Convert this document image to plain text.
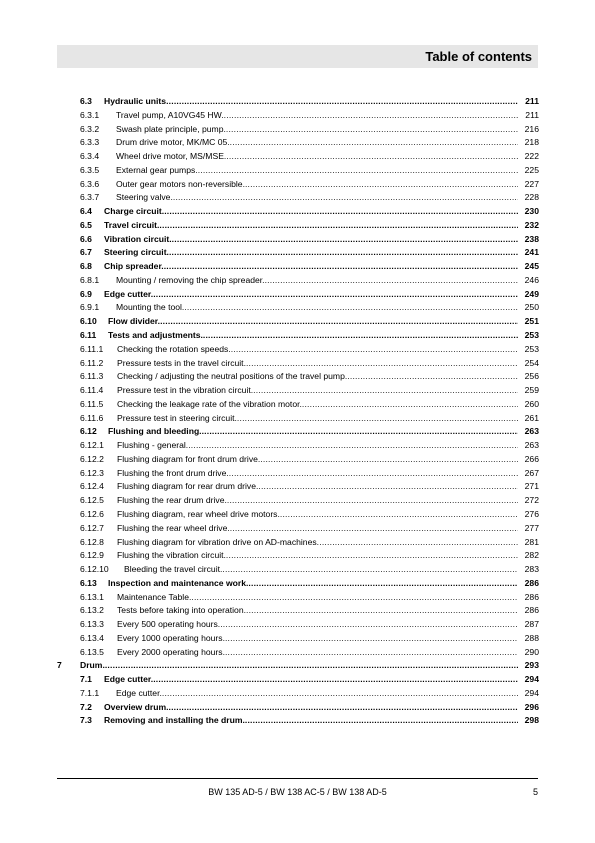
Table of contents
6.3	Hydraulic units .....	211
6.3.1	Travel pump, A10VG45 HW. .....	211
6.3.2	Swash plate principle, pump. .....	216
6.3.3	Drum drive motor, MK/MC 05. .....	218
6.3.4	Wheel drive motor, MS/MSE. .....	222
6.3.5	External gear pumps. .....	225
6.3.6	Outer gear motors non-reversible. .....	227
6.3.7	Steering valve. .....	228
6.4	Charge circuit. .....	230
6.5	Travel circuit. .....	232
6.6	Vibration circuit. .....	238
6.7	Steering circuit. .....	241
6.8	Chip spreader. .....	245
6.8.1	Mounting / removing the chip spreader. .....	246
6.9	Edge cutter. .....	249
6.9.1	Mounting the tool. .....	250
6.10	Flow divider. .....	251
6.11	Tests and adjustments. .....	253
6.11.1	Checking the rotation speeds. .....	253
6.11.2	Pressure tests in the travel circuit. .....	254
6.11.3	Checking / adjusting the neutral positions of the travel pump. .....	256
6.11.4	Pressure test in the vibration circuit. .....	259
6.11.5	Checking the leakage rate of the vibration motor. .....	260
6.11.6	Pressure test in steering circuit. .....	261
6.12	Flushing and bleeding. .....	263
6.12.1	Flushing - general. .....	263
6.12.2	Flushing diagram for front drum drive. .....	266
6.12.3	Flushing the front drum drive. .....	267
6.12.4	Flushing diagram for rear drum drive. .....	271
6.12.5	Flushing the rear drum drive. .....	272
6.12.6	Flushing diagram, rear wheel drive motors. .....	276
6.12.7	Flushing the rear wheel drive. .....	277
6.12.8	Flushing diagram for vibration drive on AD-machines .....	281
6.12.9	Flushing the vibration circuit. .....	282
6.12.10	Bleeding the travel circuit. .....	283
6.13	Inspection and maintenance work. .....	286
6.13.1	Maintenance Table. .....	286
6.13.2	Tests before taking into operation. .....	286
6.13.3	Every 500 operating hours. .....	287
6.13.4	Every 1000 operating hours. .....	288
6.13.5	Every 2000 operating hours. .....	290
7 Drum. .....	293
7.1	Edge cutter. .....	294
7.1.1	Edge cutter. .....	294
7.2	Overview drum. .....	296
7.3	Removing and installing the drum. .....	298
BW 135 AD-5 / BW 138 AC-5 / BW 138 AD-5	5
